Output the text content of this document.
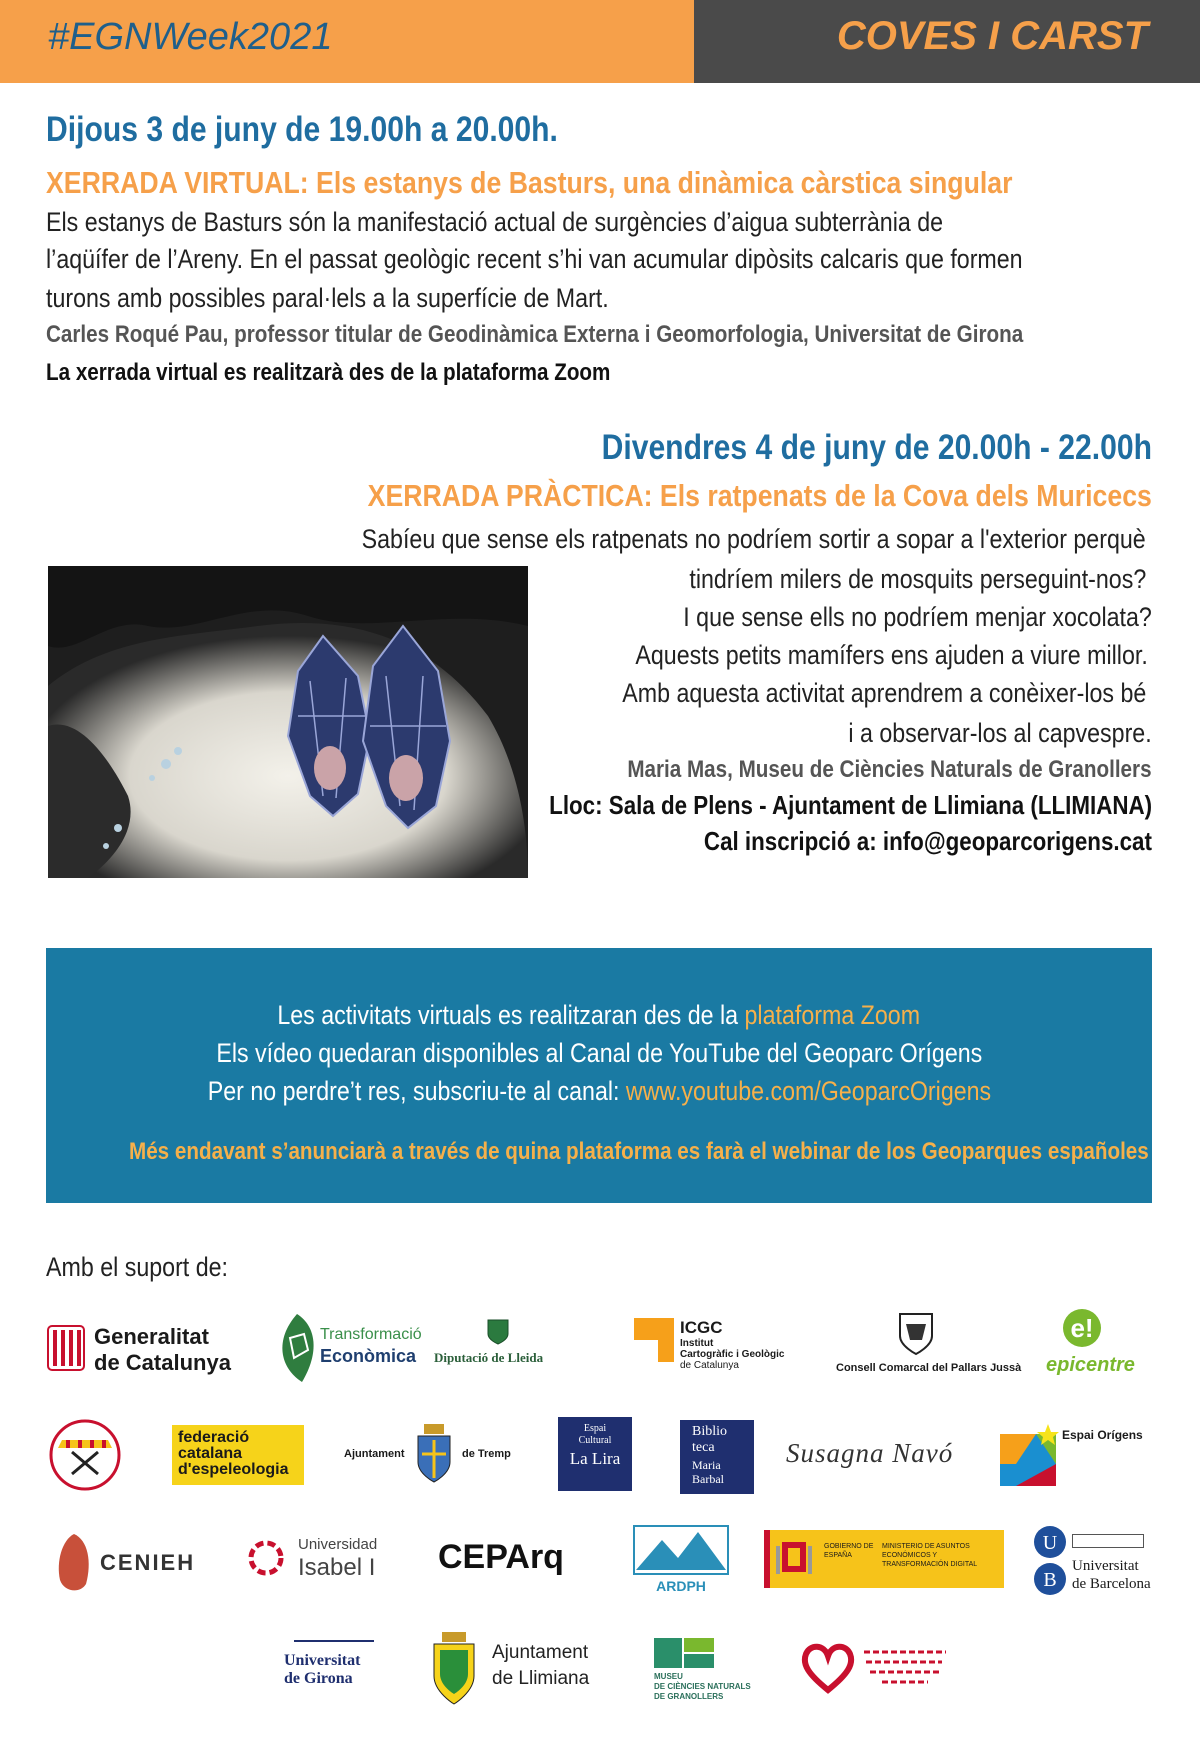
#EGNWeek2021	COVES I CARST
Dijous 3 de juny de 19.00h a 20.00h.
XERRADA VIRTUAL: Els estanys de Basturs, una dinàmica càrstica singular
Els estanys de Basturs són la manifestació actual de surgències d’aigua subterrània de
l’aqüífer de l’Areny. En el passat geològic recent s’hi van acumular dipòsits calcaris que formen
turons amb possibles paral·lels a la superfície de Mart.
Carles Roqué Pau, professor titular de Geodinàmica Externa i Geomorfologia, Universitat de Girona
La xerrada virtual es realitzarà des de la plataforma Zoom
Divendres 4 de juny de 20.00h - 22.00h
XERRADA PRÀCTICA: Els ratpenats de la Cova dels Muricecs
Sabíeu que sense els ratpenats no podríem sortir a sopar a l'exterior perquè
tindríem milers de mosquits perseguint-nos?
I que sense ells no podríem menjar xocolata?
Aquests petits mamífers ens ajuden a viure millor.
Amb aquesta activitat aprendrem a conèixer-los bé
i a observar-los al capvespre.
Maria Mas, Museu de Ciències Naturals de Granollers
Lloc: Sala de Plens - Ajuntament de Llimiana (LLIMIANA)
Cal inscripció a: info@geoparcorigens.cat
Les activitats virtuals es realitzaran des de la plataforma Zoom
Els vídeo quedaran disponibles al Canal de YouTube del Geoparc Orígens
Per no perdre’t res, subscriu-te al canal: www.youtube.com/GeoparcOrigens
Més endavant s’anunciarà a través de quina plataforma es farà el webinar de los Geoparques españoles
Amb el suport de:
Generalitat
de Catalunya
Transformació
Econòmica Diputació de Lleida
ICGC
Institut
Cartogràfic i Geològic
de Catalunya	Consell Comarcal del Pallars Jussà
e!
epicentre
federació
catalana
d'espeleologia
Ajuntament	de Tremp
Espai
Cultural
La Lira
Biblio
teca
Maria
Barbal
Susagna Navó
Espai Orígens
CENIEH
Universidad
Isabel I CEPArq
ARDPH
GOBIERNO DE ESPAÑA
MINISTERIO DE ASUNTOS ECONÓMICOS Y TRANSFORMACIÓN DIGITAL
U
B
Universitat
de Barcelona
Universitat
de Girona
Ajuntament
de Llimiana	MUSEU
DE CIÈNCIES NATURALS
DE GRANOLLERS
